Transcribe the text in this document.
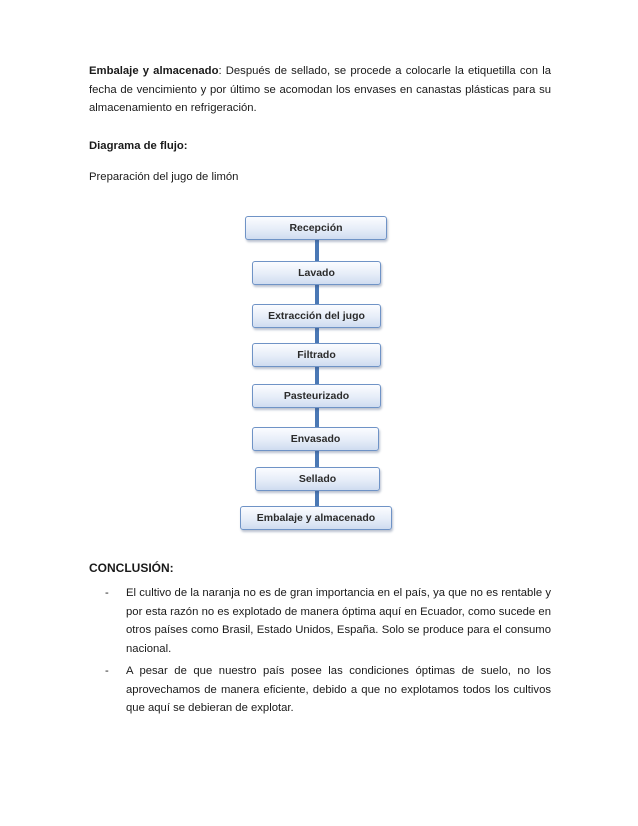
Embalaje y almacenado: Después de sellado, se procede a colocarle la etiquetilla con la fecha de vencimiento y por último se acomodan los envases en canastas plásticas para su almacenamiento en refrigeración.

Diagrama de flujo:
Preparación del jugo de limón
Recepción
Lavado
Extracción del jugo
Filtrado
Pasteurizado
Envasado
Sellado
Embalaje y almacenado
CONCLUSIÓN:
- El cultivo de la naranja no es de gran importancia en el país, ya que no es rentable y por esta razón no es explotado de manera óptima aquí en Ecuador, como sucede en otros países como Brasil, Estado Unidos, España. Solo se produce para el consumo nacional.
- A pesar de que nuestro país posee las condiciones óptimas de suelo, no los aprovechamos de manera eficiente, debido a que no explotamos todos los cultivos que aquí se debieran de explotar.
